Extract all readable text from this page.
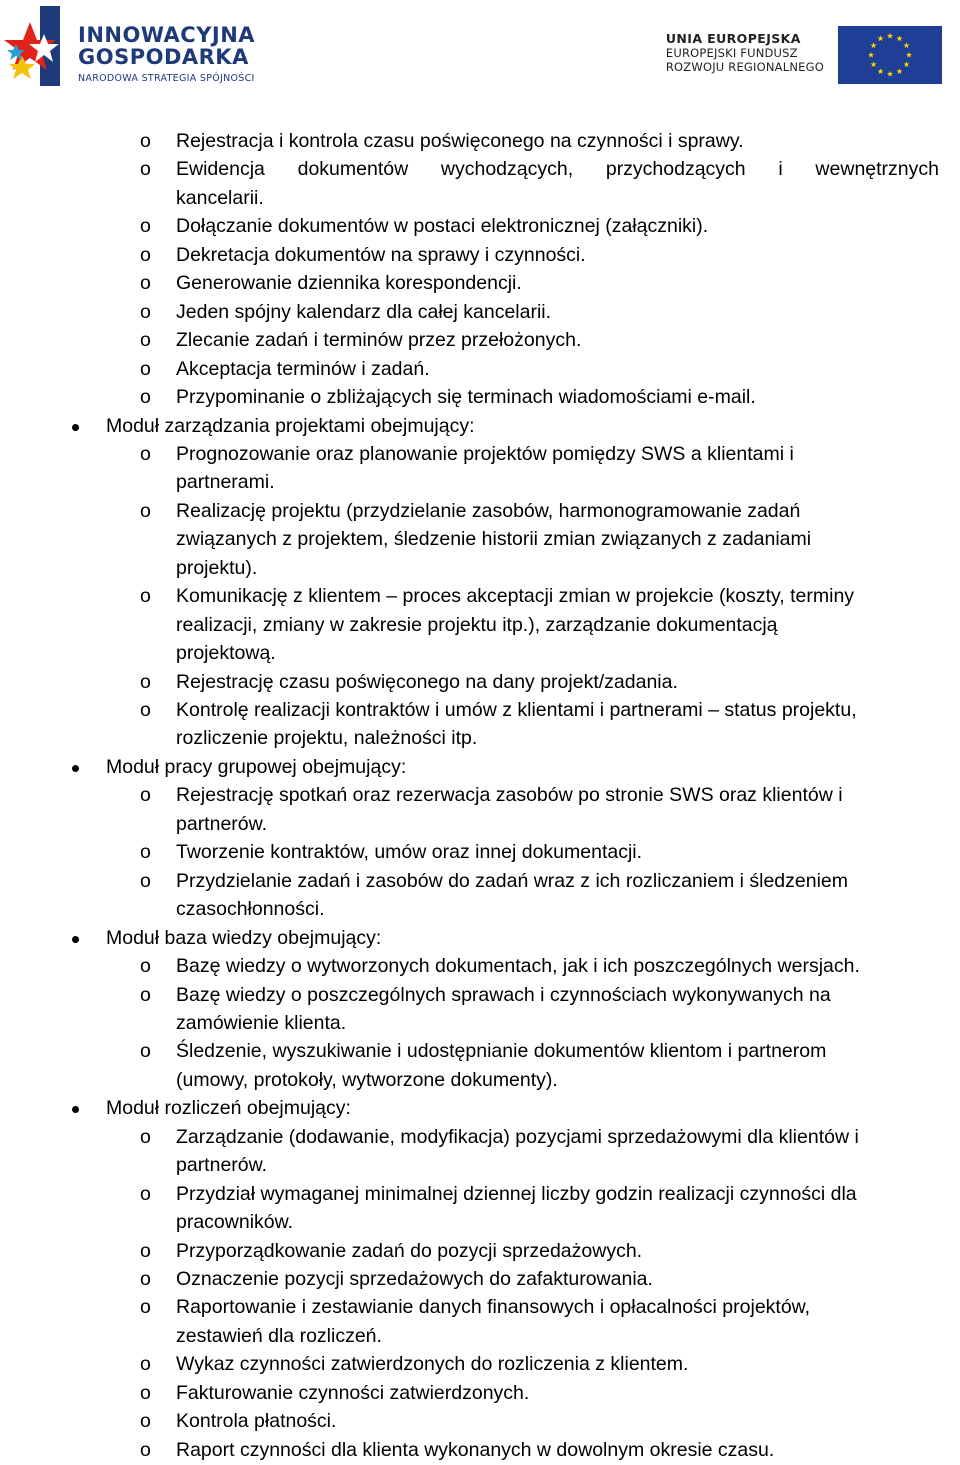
INNOWACYJNA
GOSPODARKA
NARODOWA STRATEGIA SPÓJNOŚCI
UNIA EUROPEJSKA
EUROPEJSKI FUNDUSZ
ROZWOJU REGIONALNEGO
o Rejestracja i kontrola czasu poświęconego na czynności i sprawy.
o Ewidencja dokumentów wychodzących, przychodzących i wewnętrznych
kancelarii.
o Dołączanie dokumentów w postaci elektronicznej (załączniki).
o Dekretacja dokumentów na sprawy i czynności.
o Generowanie dziennika korespondencji.
o Jeden spójny kalendarz dla całej kancelarii.
o Zlecanie zadań i terminów przez przełożonych.
o Akceptacja terminów i zadań.
o Przypominanie o zbliżających się terminach wiadomościami e-mail.
Moduł zarządzania projektami obejmujący:
o Prognozowanie oraz planowanie projektów pomiędzy SWS a klientami i
partnerami.
o Realizację projektu (przydzielanie zasobów, harmonogramowanie zadań
związanych z projektem, śledzenie historii zmian związanych z zadaniami
projektu).
o Komunikację z klientem – proces akceptacji zmian w projekcie (koszty, terminy
realizacji, zmiany w zakresie projektu itp.), zarządzanie dokumentacją
projektową.
o Rejestrację czasu poświęconego na dany projekt/zadania.
o Kontrolę realizacji kontraktów i umów z klientami i partnerami – status projektu,
rozliczenie projektu, należności itp.
Moduł pracy grupowej obejmujący:
o Rejestrację spotkań oraz rezerwacja zasobów po stronie SWS oraz klientów i
partnerów.
o Tworzenie kontraktów, umów oraz innej dokumentacji.
o Przydzielanie zadań i zasobów do zadań wraz z ich rozliczaniem i śledzeniem
czasochłonności.
Moduł baza wiedzy obejmujący:
o Bazę wiedzy o wytworzonych dokumentach, jak i ich poszczególnych wersjach.
o Bazę wiedzy o poszczególnych sprawach i czynnościach wykonywanych na
zamówienie klienta.
o Śledzenie, wyszukiwanie i udostępnianie dokumentów klientom i partnerom
(umowy, protokoły, wytworzone dokumenty).
Moduł rozliczeń obejmujący:
o Zarządzanie (dodawanie, modyfikacja) pozycjami sprzedażowymi dla klientów i
partnerów.
o Przydział wymaganej minimalnej dziennej liczby godzin realizacji czynności dla
pracowników.
o Przyporządkowanie zadań do pozycji sprzedażowych.
o Oznaczenie pozycji sprzedażowych do zafakturowania.
o Raportowanie i zestawianie danych finansowych i opłacalności projektów,
zestawień dla rozliczeń.
o Wykaz czynności zatwierdzonych do rozliczenia z klientem.
o Fakturowanie czynności zatwierdzonych.
o Kontrola płatności.
o Raport czynności dla klienta wykonanych w dowolnym okresie czasu.
